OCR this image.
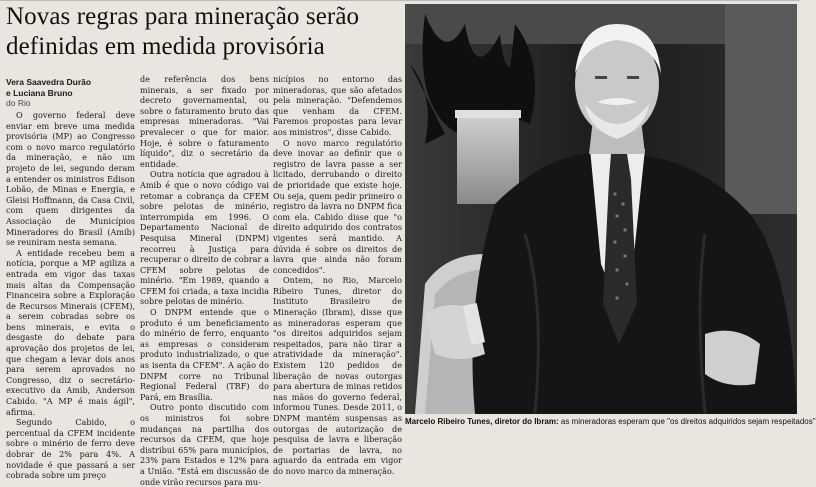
Novas regras para mineração serão definidas em medida provisória
Vera Saavedra Durão
e Luciana Bruno
do Rio

O governo federal deve enviar em breve uma medida provisória (MP) ao Congresso com o novo marco regulatório da mineração, e não um projeto de lei, segundo deram a entender os ministros Edison Lobão, de Minas e Energia, e Gleisi Hoffmann, da Casa Civil, com quem dirigentes da Associação de Municípios Mineradores do Brasil (Amib) se reuniram nesta semana.

A entidade recebeu bem a notícia, porque a MP agiliza a entrada em vigor das taxas mais altas da Compensação Financeira sobre a Exploração de Recursos Minerais (CFEM), a serem cobradas sobre os bens minerais, e evita o desgaste do debate para aprovação dos projetos de lei, que chegam a levar dois anos para serem aprovados no Congresso, diz o secretário-executivo da Amib, Anderson Cabido. "A MP é mais ágil", afirma.

Segundo Cabido, o percentual da CFEM incidente sobre o minério de ferro deve dobrar de 2% para 4%. A novidade é que passará a ser cobrada sobre um preço

de referência dos bens minerais, a ser fixado por decreto governamental, ou sobre o faturamento bruto das empresas mineradoras. "Vai prevalecer o que for maior. Hoje, é sobre o faturamento líquido", diz o secretário da entidade.

Outra notícia que agradou à Amib é que o novo código vai retomar a cobrança da CFEM sobre pelotas de minério, interrompida em 1996. O Departamento Nacional de Pesquisa Mineral (DNPM) recorreu à Justiça para recuperar o direito de cobrar a CFEM sobre pelotas de minério. "Em 1989, quando a CFEM foi criada, a taxa incidia sobre pelotas de minério.

O DNPM entende que o produto é um beneficiamento do minério de ferro, enquanto as empresas o consideram produto industrializado, o que as isenta da CFEM". A ação do DNPM corre no Tribunal Regional Federal (TRF) do Pará, em Brasília.

Outro ponto discutido com os ministros foi sobre mudanças na partilha dos recursos da CFEM, que hoje distribui 65% para municípios, 23% para Estados e 12% para a União. "Está em discussão de onde virão recursos para mu-

nicípios no entorno das mineradoras, que são afetados pela mineração. "Defendemos que venham da CFEM. Faremos propostas para levar aos ministros", disse Cabido.

O novo marco regulatório deve inovar ao definir que o registro de lavra passe a ser licitado, derrubando o direito de prioridade que existe hoje. Ou seja, quem pedir primeiro o registro da lavra no DNPM fica com ela. Cabido disse que "o direito adquirido dos contratos vigentes será mantido. A dúvida é sobre os direitos de lavra que ainda não foram concedidos".

Ontem, no Rio, Marcelo Ribeiro Tunes, diretor do Instituto Brasileiro de Mineração (Ibram), disse que as mineradoras esperam que "os direitos adquiridos sejam respeitados, para não tirar a atratividade da mineração". Existem 120 pedidos de liberação de novas outorgas para abertura de minas retidos nas mãos do governo federal, informou Tunes. Desde 2011, o DNPM mantém suspensas as outorgas de autorização de pesquisa de lavra e liberação de portarias de lavra, no aguardo da entrada em vigor do novo marco da mineração.

Marcelo Ribeiro Tunes, diretor do Ibram: as mineradoras esperam que "os direitos adquiridos sejam respeitados"
